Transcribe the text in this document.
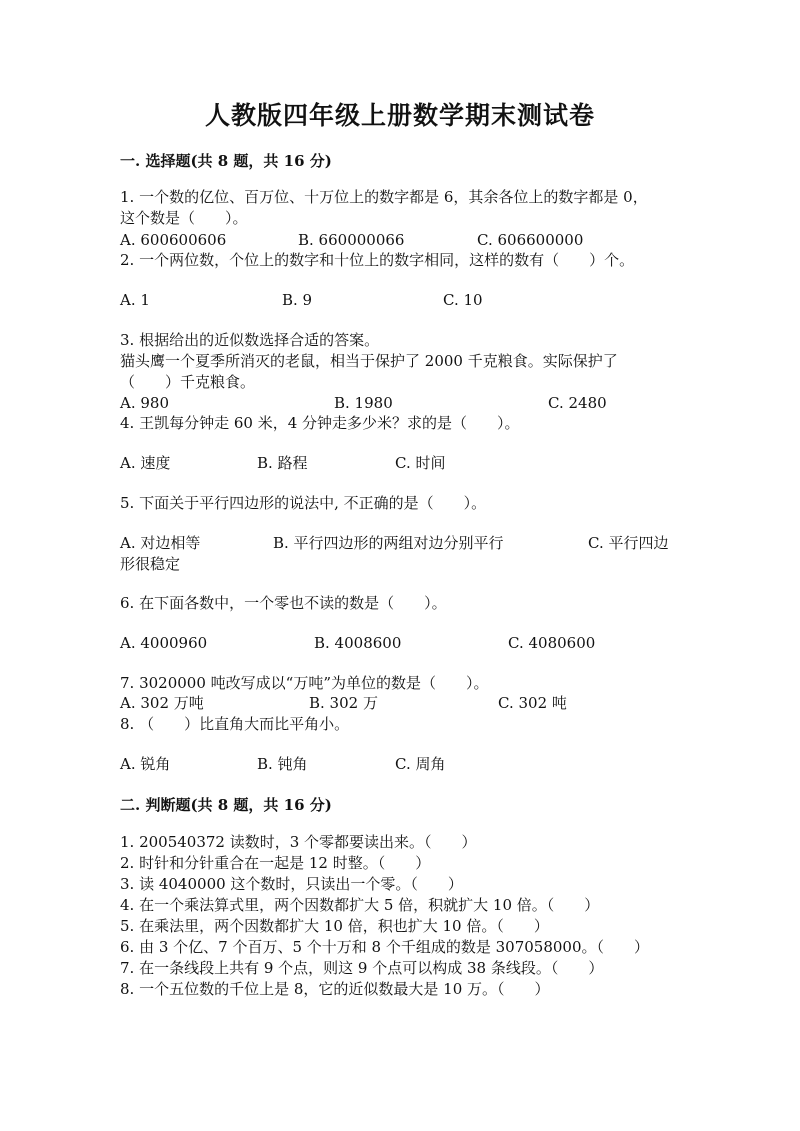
人教版四年级上册数学期末测试卷
一. 选择题(共 8 题，共 16 分)
1. 一个数的亿位、百万位、十万位上的数字都是 6，其余各位上的数字都是 0，
这个数是（　　）。
A. 600600606	B. 660000066	C. 606600000
2. 一个两位数，个位上的数字和十位上的数字相同，这样的数有（　　）个。
A. 1	B. 9	C. 10
3. 根据给出的近似数选择合适的答案。
猫头鹰一个夏季所消灭的老鼠，相当于保护了 2000 千克粮食。实际保护了
（　　）千克粮食。
A. 980	B. 1980	C. 2480
4. 王凯每分钟走 60 米，4 分钟走多少米？求的是（　　）。
A. 速度	B. 路程	C. 时间
5. 下面关于平行四边形的说法中, 不正确的是（　　）。
A. 对边相等	B. 平行四边形的两组对边分别平行	C. 平行四边
形很稳定
6. 在下面各数中，一个零也不读的数是（　　）。
A. 4000960	B. 4008600	C. 4080600
7. 3020000 吨改写成以“万吨”为单位的数是（　　）。
A. 302 万吨	B. 302 万	C. 302 吨
8. （　　）比直角大而比平角小。
A. 锐角	B. 钝角	C. 周角
二. 判断题(共 8 题，共 16 分)
1. 200540372 读数时，3 个零都要读出来。（　　）
2. 时针和分针重合在一起是 12 时整。（　　）
3. 读 4040000 这个数时，只读出一个零。（　　）
4. 在一个乘法算式里，两个因数都扩大 5 倍，积就扩大 10 倍。（　　）
5. 在乘法里，两个因数都扩大 10 倍，积也扩大 10 倍。（　　）
6. 由 3 个亿、7 个百万、5 个十万和 8 个千组成的数是 307058000。（　　）
7. 在一条线段上共有 9 个点，则这 9 个点可以构成 38 条线段。（　　）
8. 一个五位数的千位上是 8，它的近似数最大是 10 万。（　　）
